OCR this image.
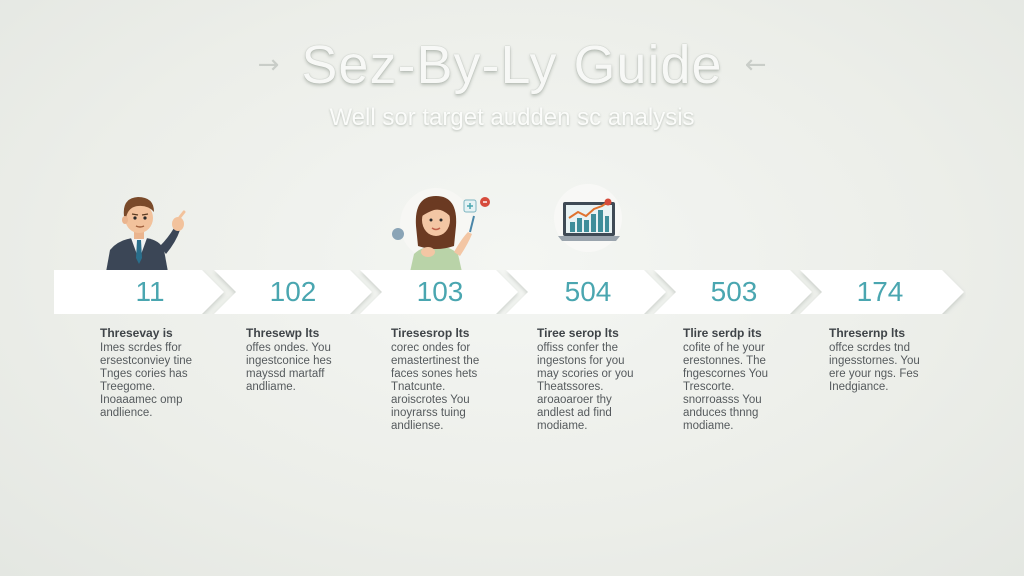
→ Sez-By-Ly Guide ←
Well sor target audden sc analysis
11	102	103	504	503	174
Thresevay is
Imes scrdes ffor
ersestconviey tine
Tnges cories has
Treegome.
Inoaaamec omp
andlience.
Thresewp lts
offes ondes. You
ingestconice hes
mayssd martaff
andliame.
Tiresesrop lts
corec ondes for
emastertinest the
faces sones hets
Tnatcunte.
aroiscrotes You
inoyrarss tuing
andliense.
Tiree serop lts
offiss confer the
ingestons for you
may scories or you
Theatssores.
aroaoaroer thy
andlest ad find
modiame.
Tlire serdp its
cofite of he your
erestonnes. The
fngescornes You
Trescorte.
snorroasss You
anduces thnng
modiame.
Thresernp lts
offce scrdes tnd
ingesstornes. You
ere your ngs. Fes
Inedgiance.
